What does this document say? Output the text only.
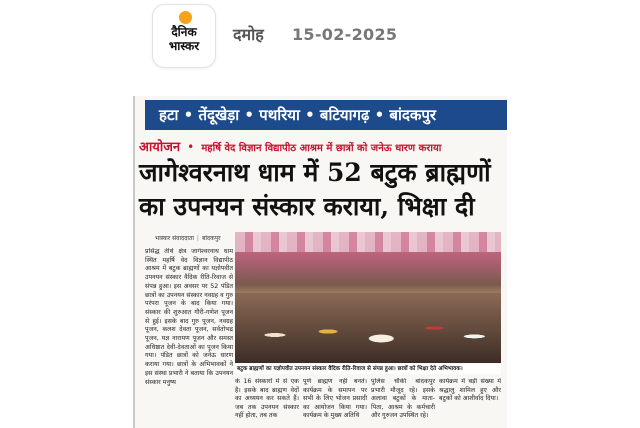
दैनिक
भास्कर
दमोह 15-02-2025
हटा • तेंदूखेड़ा • पथरिया • बटियागढ़ • बांदकपुर
आयोजन • महर्षि वेद विज्ञान विद्यापीठ आश्रम में छात्रों को जनेऊ धारण कराया
जागेश्वरनाथ धाम में 52 बटुक ब्राह्मणों का उपनयन संस्कार कराया, भिक्षा दी
भास्कर संवाददाता | बांदकपुर
प्रसिद्ध तीर्थ क्षेत्र जागेश्वरनाथ धाम स्थित महर्षि वेद विज्ञान विद्यापीठ आश्रम में बटुक ब्राह्मणों का यज्ञोपवीत उपनयन संस्कार वैदिक रीति-रिवाज से संपन्न हुआ। इस अवसर पर 52 पंडित छात्रों का उपनयन संस्कार नवग्रह व गुरु परंपरा पूजन के बाद किया गया। संस्कार की शुरुआत गौरी-गणेश पूजन से हुई। इसके बाद गुरु पूजन, नवग्रह पूजन, कलश देवता पूजन, सर्वतोभद्र पूजन, यज्ञ नारायण पूजन और समस्त अधिष्ठात देवी-देवताओं का पूजन किया गया। पंडित छात्रों को जनेऊ धारण कराया गया। छात्रों के अभिभावकों ने इस संस्था प्रभारी ने बताया कि उपनयन संस्कार मनुष्य
बटुक ब्राह्मणों का यज्ञोपवीत उपनयन संस्कार वैदिक रीति-रिवाज से संपन्न हुआ। छात्रों को भिक्षा देते अभिभावक।
के 16 संस्कारों में से एक है। इसके बाद ब्राह्मण वेदों का अध्ययन कर सकते हैं। जब तक उपनयन संस्कार नहीं होता, तब तक
पूर्ण ब्राह्मण नहीं बनते। कार्यक्रम के समापन पर सभी के लिए भोजन प्रसादी का आयोजन किया गया। कार्यक्रम के मुख्य अतिथि
पुलिस चौकी बांदकपुर प्रभारी मौजूद रहे। इसके अलावा बटुकों के माता-पिता, आश्रम के कर्मचारी और गुरुजन उपस्थित रहे।
कार्यक्रम में बड़ी संख्या में श्रद्धालु शामिल हुए और बटुकों को आशीर्वाद दिया।
